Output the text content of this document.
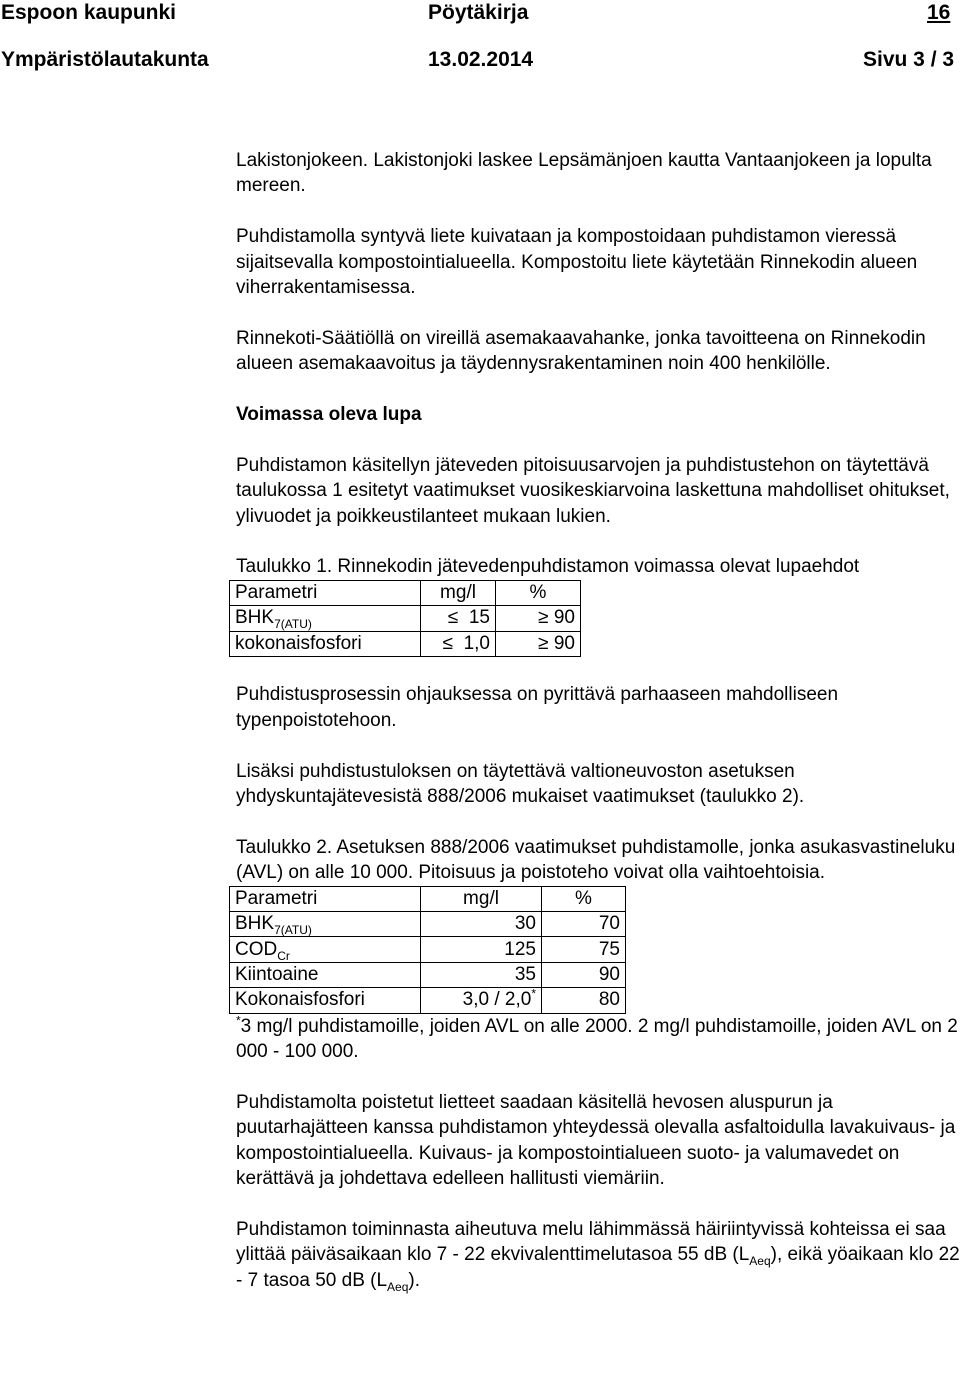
Espoon kaupunki	Pöytäkirja	16
Ympäristölautakunta	13.02.2014	Sivu 3 / 3

Lakistonjokeen. Lakistonjoki laskee Lepsämänjoen kautta Vantaanjokeen ja lopulta mereen.

Puhdistamolla syntyvä liete kuivataan ja kompostoidaan puhdistamon vieressä sijaitsevalla kompostointialueella. Kompostoitu liete käytetään Rinnekodin alueen viherrakentamisessa.

Rinnekoti-Säätiöllä on vireillä asemakaavahanke, jonka tavoitteena on Rinnekodin alueen asemakaavoitus ja täydennysrakentaminen noin 400 henkilölle.

Voimassa oleva lupa

Puhdistamon käsitellyn jäteveden pitoisuusarvojen ja puhdistustehon on täytettävä taulukossa 1 esitetyt vaatimukset vuosikeskiarvoina laskettuna mahdolliset ohitukset, ylivuodet ja poikkeustilanteet mukaan lukien.

Taulukko 1. Rinnekodin jätevedenpuhdistamon voimassa olevat lupaehdot

Parametri	mg/l	%
$BHK_{7(ATU)}$	≤ 15	≥ 90
kokonaisfosfori	≤ 1,0	≥ 90

Puhdistusprosessin ohjauksessa on pyrittävä parhaaseen mahdolliseen typenpoistotehoon.

Lisäksi puhdistustuloksen on täytettävä valtioneuvoston asetuksen yhdyskuntajätevesistä 888/2006 mukaiset vaatimukset (taulukko 2).

Taulukko 2. Asetuksen 888/2006 vaatimukset puhdistamolle, jonka asukasvastineluku (AVL) on alle 10 000. Pitoisuus ja poistoteho voivat olla vaihtoehtoisia.

Parametri	mg/l	%
$BHK_{7(ATU)}$	30	70
$COD_{Cr}$	125	75
Kiintoaine	35	90
Kokonaisfosfori	3,0 / 2,0*	80

*3 mg/l puhdistamoille, joiden AVL on alle 2000. 2 mg/l puhdistamoille, joiden AVL on 2 000 - 100 000.

Puhdistamolta poistetut lietteet saadaan käsitellä hevosen aluspurun ja puutarhajätteen kanssa puhdistamon yhteydessä olevalla asfaltoidulla lavakuivaus- ja kompostointialueella. Kuivaus- ja kompostointialueen suoto- ja valumavedet on kerättävä ja johdettava edelleen hallitusti viemäriin.

Puhdistamon toiminnasta aiheutuva melu lähimmässä häiriintyvissä kohteissa ei saa ylittää päiväsaikaan klo 7 - 22 ekvivalenttimelutasoa 55 dB $(L_{Aeq})$, eikä yöaikaan klo 22 - 7 tasoa 50 dB $(L_{Aeq})$.
